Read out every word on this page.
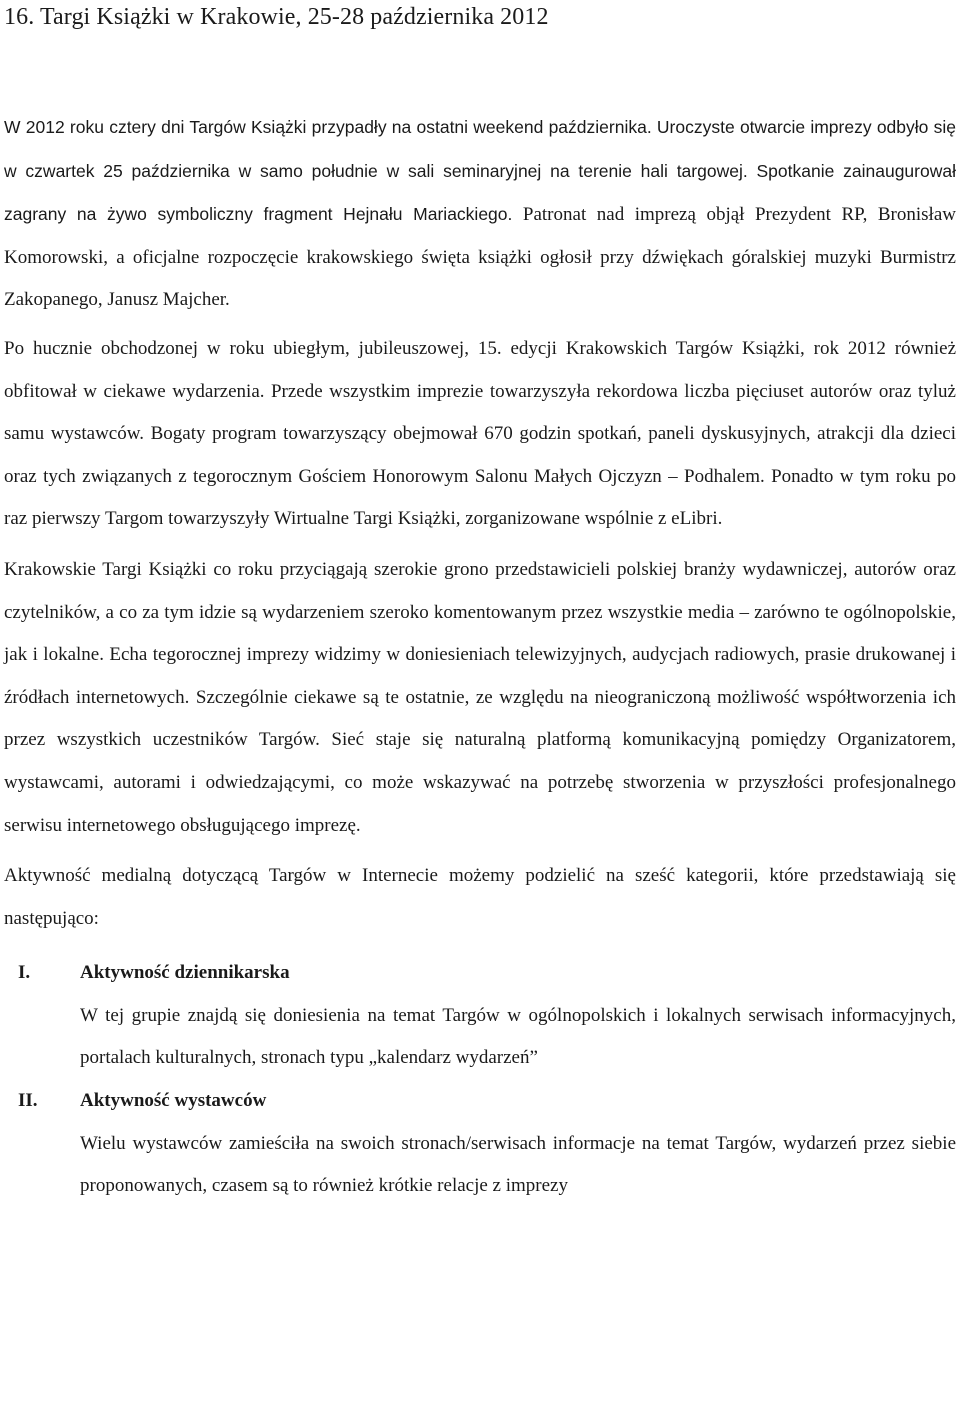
16. Targi Książki w Krakowie, 25-28 października 2012

W 2012 roku cztery dni Targów Książki przypadły na ostatni weekend października. Uroczyste otwarcie imprezy odbyło się w czwartek 25 października w samo południe w sali seminaryjnej na terenie hali targowej. Spotkanie zainaugurował zagrany na żywo symboliczny fragment Hejnału Mariackiego. Patronat nad imprezą objął Prezydent RP, Bronisław Komorowski, a oficjalne rozpoczęcie krakowskiego święta książki ogłosił przy dźwiękach góralskiej muzyki Burmistrz Zakopanego, Janusz Majcher.

Po hucznie obchodzonej w roku ubiegłym, jubileuszowej, 15. edycji Krakowskich Targów Książki, rok 2012 również obfitował w ciekawe wydarzenia. Przede wszystkim imprezie towarzyszyła rekordowa liczba pięciuset autorów oraz tyluż samu wystawców. Bogaty program towarzyszący obejmował 670 godzin spotkań, paneli dyskusyjnych, atrakcji dla dzieci oraz tych związanych z tegorocznym Gościem Honorowym Salonu Małych Ojczyzn – Podhalem. Ponadto w tym roku po raz pierwszy Targom towarzyszyły Wirtualne Targi Książki, zorganizowane wspólnie z eLibri.

Krakowskie Targi Książki co roku przyciągają szerokie grono przedstawicieli polskiej branży wydawniczej, autorów oraz czytelników, a co za tym idzie są wydarzeniem szeroko komentowanym przez wszystkie media – zarówno te ogólnopolskie, jak i lokalne. Echa tegorocznej imprezy widzimy w doniesieniach telewizyjnych, audycjach radiowych, prasie drukowanej i źródłach internetowych. Szczególnie ciekawe są te ostatnie, ze względu na nieograniczoną możliwość współtworzenia ich przez wszystkich uczestników Targów. Sieć staje się naturalną platformą komunikacyjną pomiędzy Organizatorem, wystawcami, autorami i odwiedzającymi, co może wskazywać na potrzebę stworzenia w przyszłości profesjonalnego serwisu internetowego obsługującego imprezę.

Aktywność medialną dotyczącą Targów w Internecie możemy podzielić na sześć kategorii, które przedstawiają się następująco:

I.	Aktywność dziennikarska
W tej grupie znajdą się doniesienia na temat Targów w ogólnopolskich i lokalnych serwisach informacyjnych, portalach kulturalnych, stronach typu „kalendarz wydarzeń”
II. Aktywność wystawców
Wielu wystawców zamieściła na swoich stronach/serwisach informacje na temat Targów, wydarzeń przez siebie proponowanych, czasem są to również krótkie relacje z imprezy
